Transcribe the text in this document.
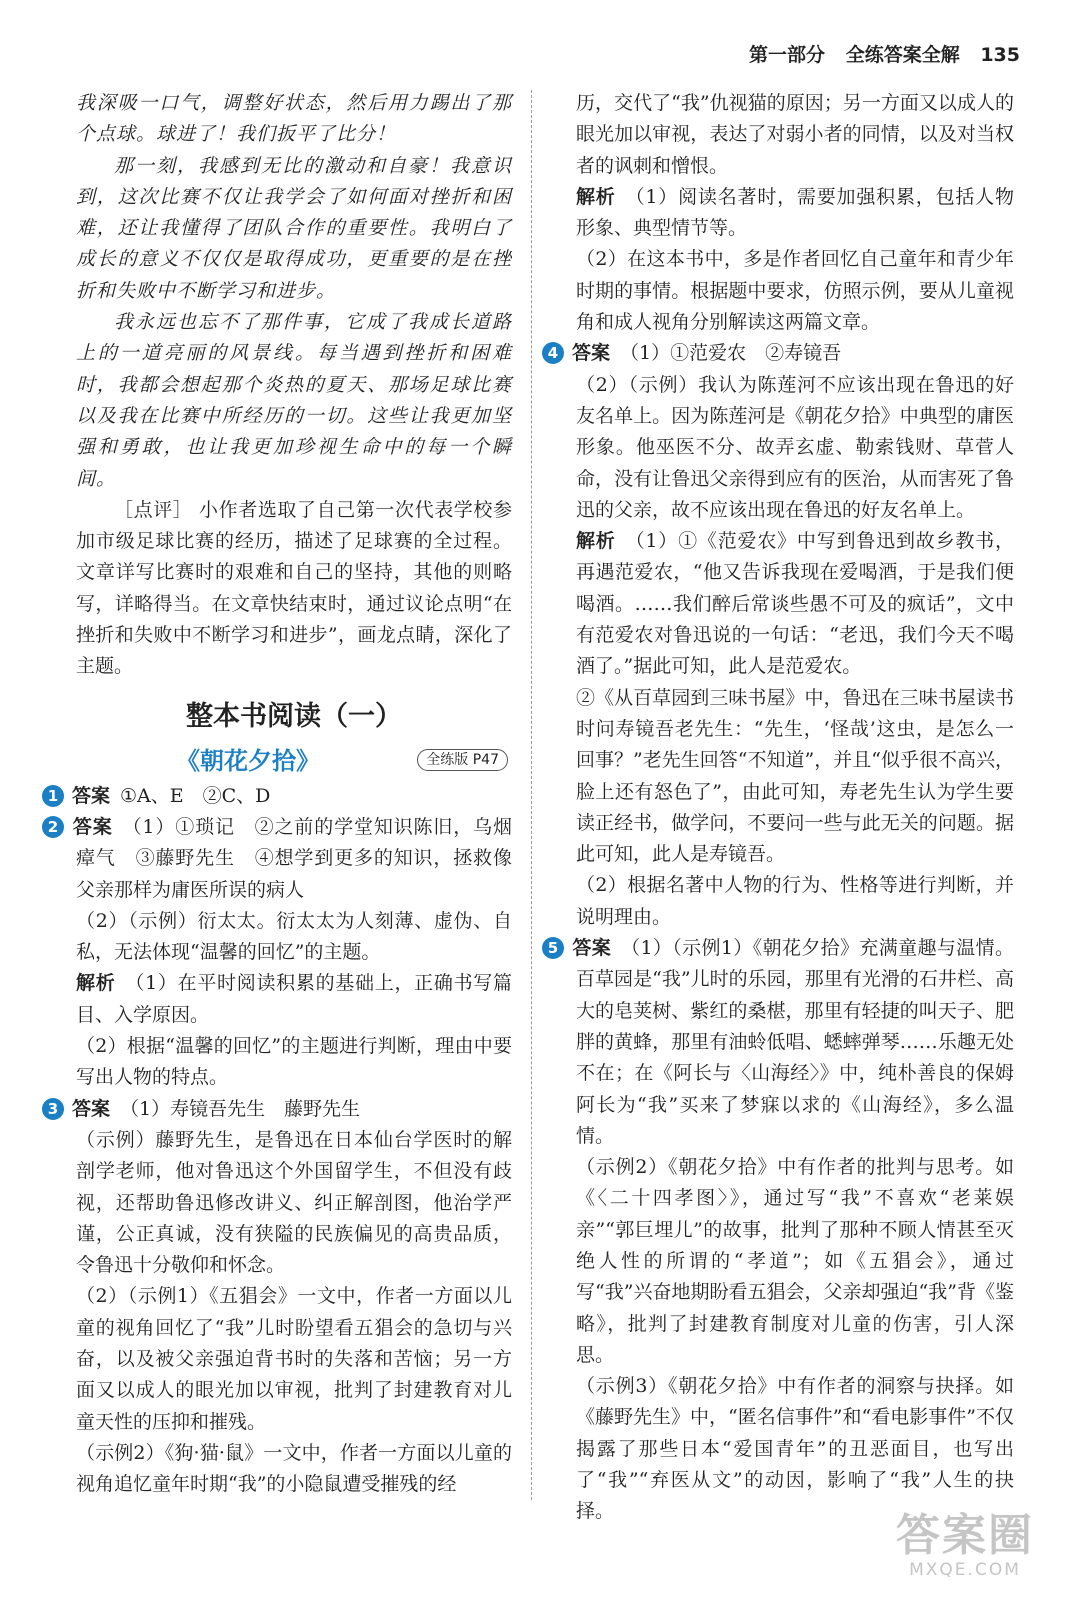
第一部分 全练答案全解 135

我深吸一口气，调整好状态，然后用力踢出了那个点球。球进了！我们扳平了比分！

那一刻，我感到无比的激动和自豪！我意识到，这次比赛不仅让我学会了如何面对挫折和困难，还让我懂得了团队合作的重要性。我明白了成长的意义不仅仅是取得成功，更重要的是在挫折和失败中不断学习和进步。

我永远也忘不了那件事，它成了我成长道路上的一道亮丽的风景线。每当遇到挫折和困难时，我都会想起那个炎热的夏天、那场足球比赛以及我在比赛中所经历的一切。这些让我更加坚强和勇敢，也让我更加珍视生命中的每一个瞬间。

［点评］ 小作者选取了自己第一次代表学校参加市级足球比赛的经历，描述了足球赛的全过程。文章详写比赛时的艰难和自己的坚持，其他的则略写，详略得当。在文章快结束时，通过议论点明“在挫折和失败中不断学习和进步”，画龙点睛，深化了主题。

整本书阅读（一）
《朝花夕拾》	全练版 P47

1 答案 ①A、E　②C、D

2 答案 （1）①琐记　②之前的学堂知识陈旧，乌烟瘴气　③藤野先生　④想学到更多的知识，拯救像父亲那样为庸医所误的病人

（2）（示例）衍太太。衍太太为人刻薄、虚伪、自私，无法体现“温馨的回忆”的主题。

解析 （1）在平时阅读积累的基础上，正确书写篇目、入学原因。

（2）根据“温馨的回忆”的主题进行判断，理由中要写出人物的特点。

3 答案 （1）寿镜吾先生　藤野先生

（示例）藤野先生，是鲁迅在日本仙台学医时的解剖学老师，他对鲁迅这个外国留学生，不但没有歧视，还帮助鲁迅修改讲义、纠正解剖图，他治学严谨，公正真诚，没有狭隘的民族偏见的高贵品质，令鲁迅十分敬仰和怀念。

（2）（示例1）《五猖会》一文中，作者一方面以儿童的视角回忆了“我”儿时盼望看五猖会的急切与兴奋，以及被父亲强迫背书时的失落和苦恼；另一方面又以成人的眼光加以审视，批判了封建教育对儿童天性的压抑和摧残。

（示例2）《狗·猫·鼠》一文中，作者一方面以儿童的视角追忆童年时期“我”的小隐鼠遭受摧残的经

历，交代了“我”仇视猫的原因；另一方面又以成人的眼光加以审视，表达了对弱小者的同情，以及对当权者的讽刺和憎恨。

解析 （1）阅读名著时，需要加强积累，包括人物形象、典型情节等。

（2）在这本书中，多是作者回忆自己童年和青少年时期的事情。根据题中要求，仿照示例，要从儿童视角和成人视角分别解读这两篇文章。

4 答案 （1）①范爱农　②寿镜吾

（2）（示例）我认为陈莲河不应该出现在鲁迅的好友名单上。因为陈莲河是《朝花夕拾》中典型的庸医形象。他巫医不分、故弄玄虚、勒索钱财、草菅人命，没有让鲁迅父亲得到应有的医治，从而害死了鲁迅的父亲，故不应该出现在鲁迅的好友名单上。

解析 （1）①《范爱农》中写到鲁迅到故乡教书，再遇范爱农，“他又告诉我现在爱喝酒，于是我们便喝酒。……我们醉后常谈些愚不可及的疯话”，文中有范爱农对鲁迅说的一句话：“老迅，我们今天不喝酒了。”据此可知，此人是范爱农。

②《从百草园到三味书屋》中，鲁迅在三味书屋读书时问寿镜吾老先生：“先生，‘怪哉’这虫，是怎么一回事？”老先生回答“不知道”，并且“似乎很不高兴，脸上还有怒色了”，由此可知，寿老先生认为学生要读正经书，做学问，不要问一些与此无关的问题。据此可知，此人是寿镜吾。

（2）根据名著中人物的行为、性格等进行判断，并说明理由。

5 答案 （1）（示例1）《朝花夕拾》充满童趣与温情。百草园是“我”儿时的乐园，那里有光滑的石井栏、高大的皂荚树、紫红的桑椹，那里有轻捷的叫天子、肥胖的黄蜂，那里有油蛉低唱、蟋蟀弹琴……乐趣无处不在；在《阿长与〈山海经〉》中，纯朴善良的保姆阿长为“我”买来了梦寐以求的《山海经》，多么温情。

（示例2）《朝花夕拾》中有作者的批判与思考。如《〈二十四孝图〉》，通过写“我”不喜欢“老莱娱亲”“郭巨埋儿”的故事，批判了那种不顾人情甚至灭绝人性的所谓的“孝道”；如《五猖会》，通过写“我”兴奋地期盼看五猖会，父亲却强迫“我”背《鉴略》，批判了封建教育制度对儿童的伤害，引人深思。

（示例3）《朝花夕拾》中有作者的洞察与抉择。如《藤野先生》中，“匿名信事件”和“看电影事件”不仅揭露了那些日本“爱国青年”的丑恶面目，也写出了“我”“弃医从文”的动因，影响了“我”人生的抉择。	答案圈
MXQE.COM
